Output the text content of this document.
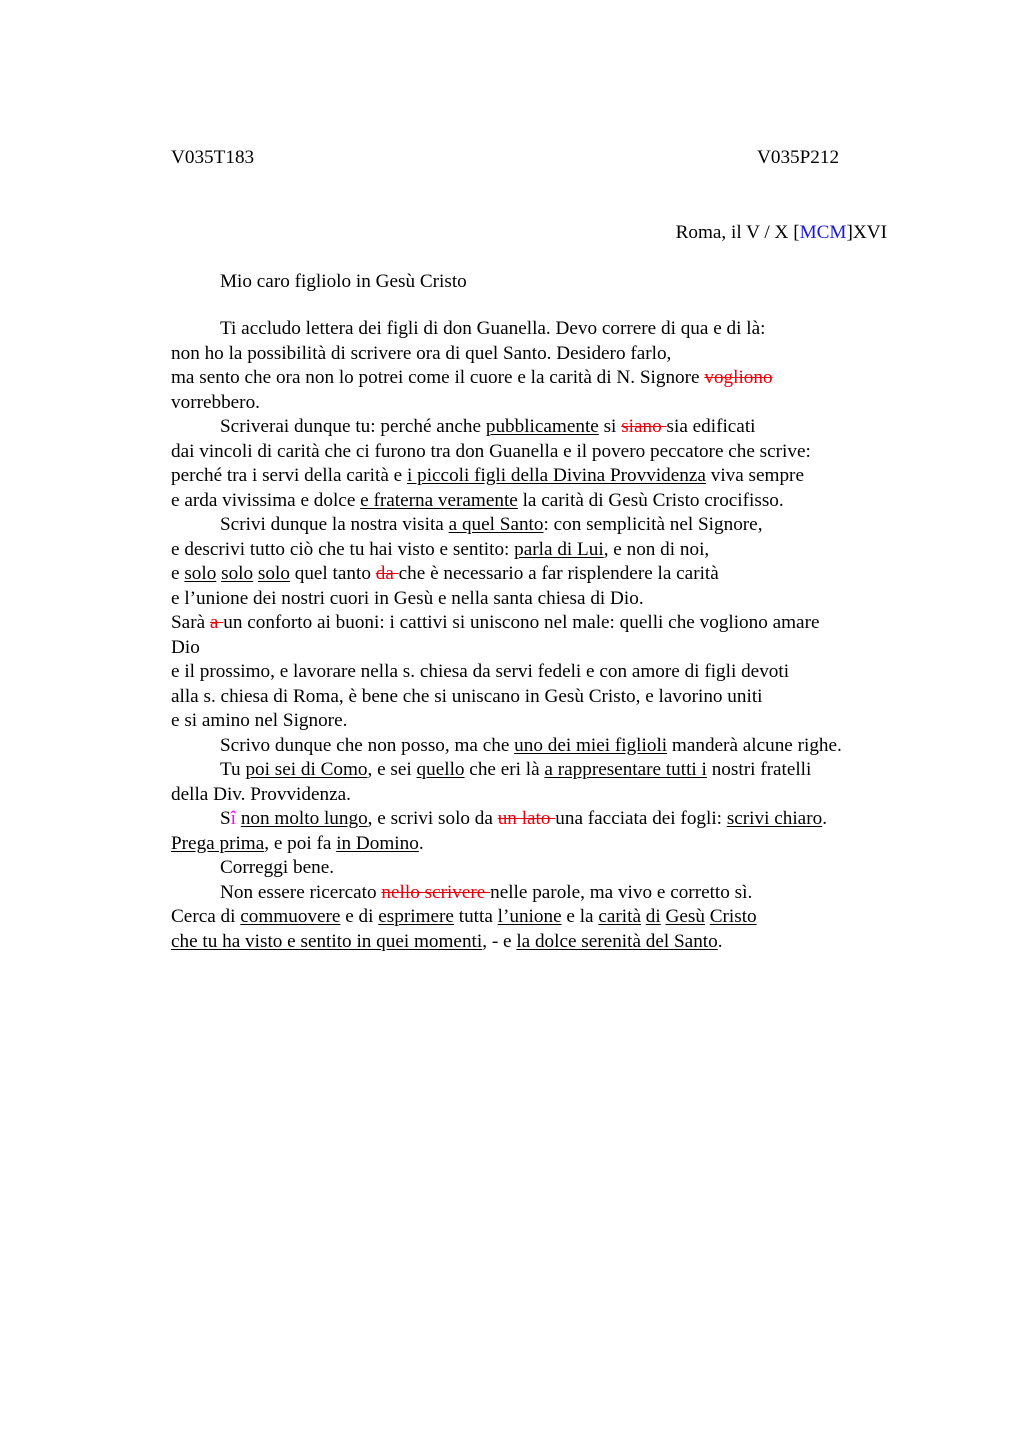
V035T183	V035P212
Roma, il V / X [MCM]XVI
Mio caro figliolo in Gesù Cristo
Ti accludo lettera dei figli di don Guanella. Devo correre di qua e di là:
non ho la possibilità di scrivere ora di quel Santo. Desidero farlo,
ma sento che ora non lo potrei come il cuore e la carità di N. Signore vogliono
vorrebbero.
Scriverai dunque tu: perché anche pubblicamente si siano sia edificati
dai vincoli di carità che ci furono tra don Guanella e il povero peccatore che scrive:
perché tra i servi della carità e i piccoli figli della Divina Provvidenza viva sempre
e arda vivissima e dolce e fraterna veramente la carità di Gesù Cristo crocifisso.
Scrivi dunque la nostra visita a quel Santo: con semplicità nel Signore,
e descrivi tutto ciò che tu hai visto e sentito: parla di Lui, e non di noi,
e solo solo solo quel tanto da che è necessario a far risplendere la carità
e l’unione dei nostri cuori in Gesù e nella santa chiesa di Dio.
Sarà a un conforto ai buoni: i cattivi si uniscono nel male: quelli che vogliono amare
Dio
e il prossimo, e lavorare nella s. chiesa da servi fedeli e con amore di figli devoti
alla s. chiesa di Roma, è bene che si uniscano in Gesù Cristo, e lavorino uniti
e si amino nel Signore.
Scrivo dunque che non posso, ma che uno dei miei figlioli manderà alcune righe.
Tu poi sei di Como, e sei quello che eri là a rappresentare tutti i nostri fratelli
della Div. Provvidenza.
Sî non molto lungo, e scrivi solo da un lato una facciata dei fogli: scrivi chiaro.
Prega prima, e poi fa in Domino.
Correggi bene.
Non essere ricercato nello scrivere nelle parole, ma vivo e corretto sì.
Cerca di commuovere e di esprimere tutta l’unione e la carità di Gesù Cristo
che tu ha visto e sentito in quei momenti, - e la dolce serenità del Santo.
